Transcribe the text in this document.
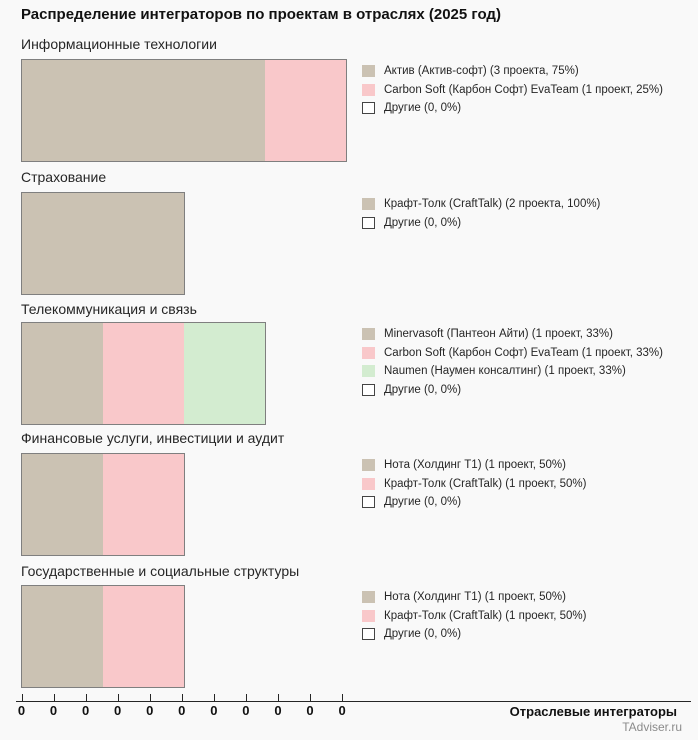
Распределение интеграторов по проектам в отраслях (2025 год)
Информационные технологии
Актив (Актив-софт) (3 проекта, 75%)
Carbon Soft (Карбон Софт) EvaTeam (1 проект, 25%)
Другие (0, 0%)
Страхование
Крафт-Толк (CraftTalk) (2 проекта, 100%)
Другие (0, 0%)
Телекоммуникация и связь
Minervasoft (Пантеон Айти) (1 проект, 33%)
Carbon Soft (Карбон Софт) EvaTeam (1 проект, 33%)
Naumen (Наумен консалтинг) (1 проект, 33%)
Другие (0, 0%)
Финансовые услуги, инвестиции и аудит
Нота (Холдинг Т1) (1 проект, 50%)
Крафт-Толк (CraftTalk) (1 проект, 50%)
Другие (0, 0%)
Государственные и социальные структуры
Нота (Холдинг Т1) (1 проект, 50%)
Крафт-Толк (CraftTalk) (1 проект, 50%)
Другие (0, 0%)
0 0 0 0 0 0 0 0 0 0 0	Отраслевые интеграторы
TAdviser.ru
